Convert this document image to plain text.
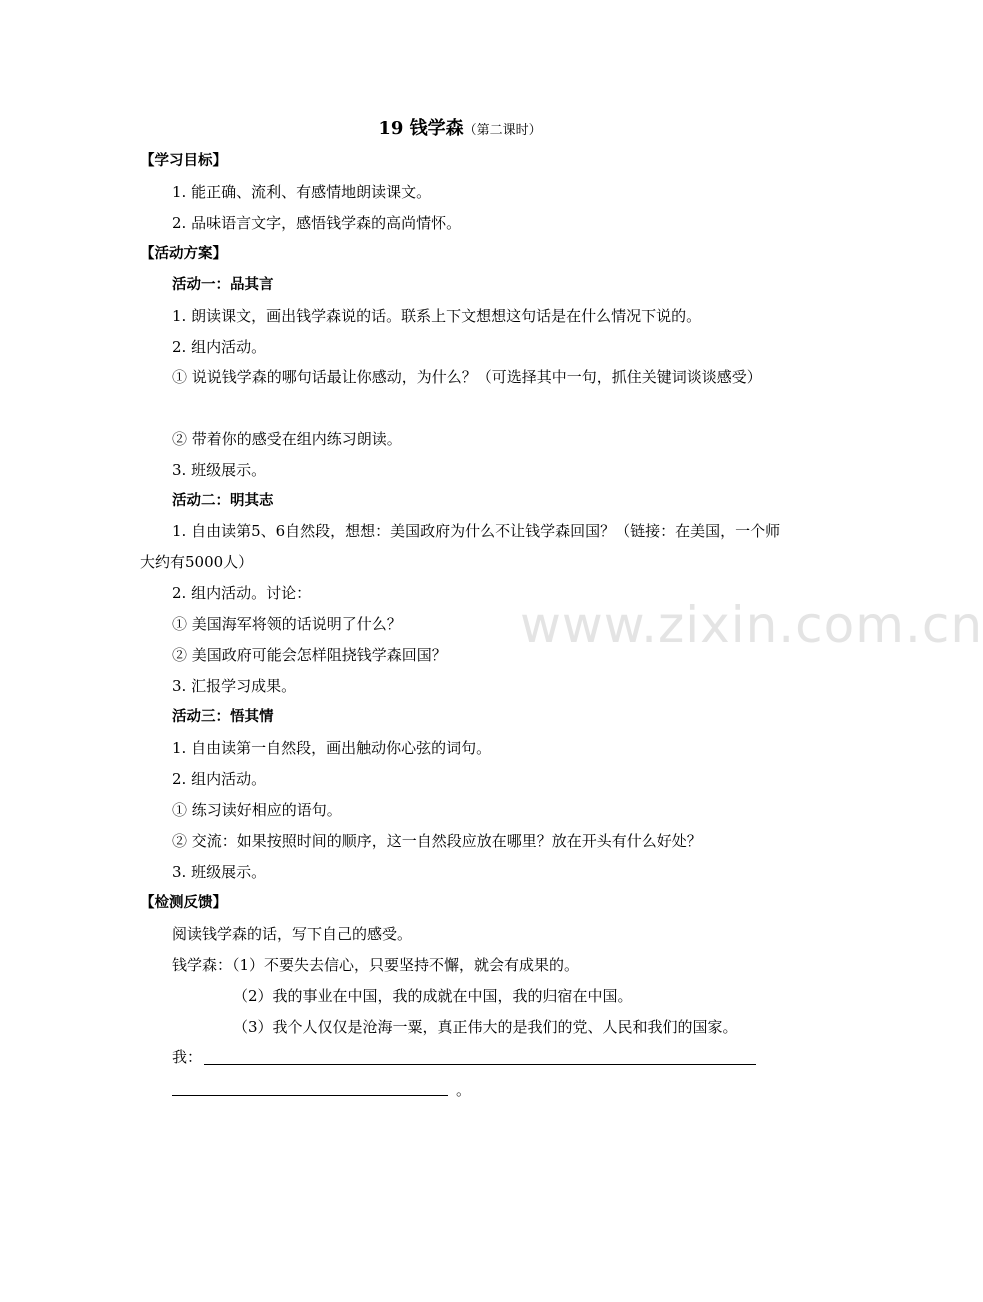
www.zixin.com.cn
19 钱学森（第二课时）
【学习目标】
1. 能正确、流利、有感情地朗读课文。
2. 品味语言文字，感悟钱学森的高尚情怀。
【活动方案】
活动一：品其言
1. 朗读课文，画出钱学森说的话。联系上下文想想这句话是在什么情况下说的。
2. 组内活动。
① 说说钱学森的哪句话最让你感动，为什么？（可选择其中一句，抓住关键词谈谈感受）
② 带着你的感受在组内练习朗读。
3. 班级展示。
活动二：明其志
1. 自由读第5、6自然段，想想：美国政府为什么不让钱学森回国？（链接：在美国，一个师大约有5000人）
2. 组内活动。讨论：
① 美国海军将领的话说明了什么？
② 美国政府可能会怎样阻挠钱学森回国？
3. 汇报学习成果。
活动三：悟其情
1. 自由读第一自然段，画出触动你心弦的词句。
2. 组内活动。
① 练习读好相应的语句。
② 交流：如果按照时间的顺序，这一自然段应放在哪里？放在开头有什么好处？
3. 班级展示。
【检测反馈】
阅读钱学森的话，写下自己的感受。
钱学森：（1）不要失去信心，只要坚持不懈，就会有成果的。
（2）我的事业在中国，我的成就在中国，我的归宿在中国。
（3）我个人仅仅是沧海一粟，真正伟大的是我们的党、人民和我们的国家。
我：
。
